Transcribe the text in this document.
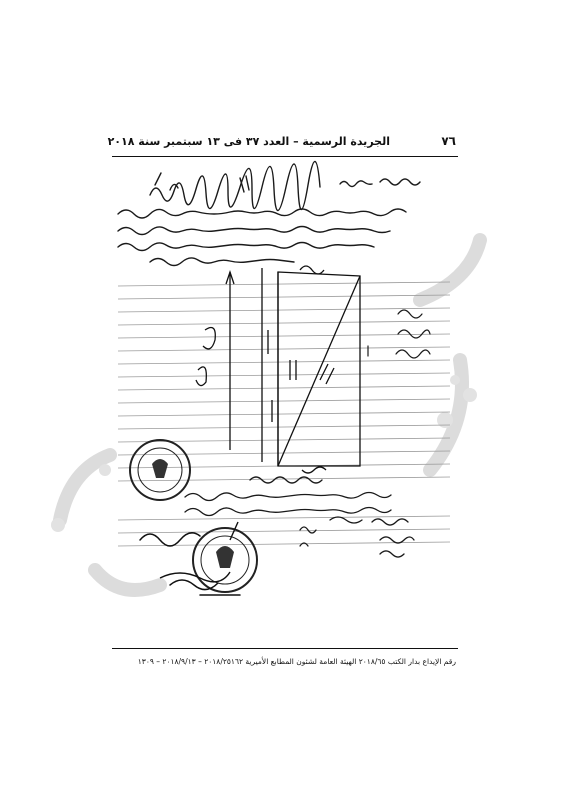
الجريدة الرسمية – العدد ٣٧ فى ١٣ سبتمبر سنة ٢٠١٨	٧٦
رقم الإيداع بدار الكتب ٢٠١٨/٦٥ الهيئة العامة لشئون المطابع الأميرية ٢٠١٨/٢٥١٦٢ – ٢٠١٨/٩/١٣ – ١٣٠٩
